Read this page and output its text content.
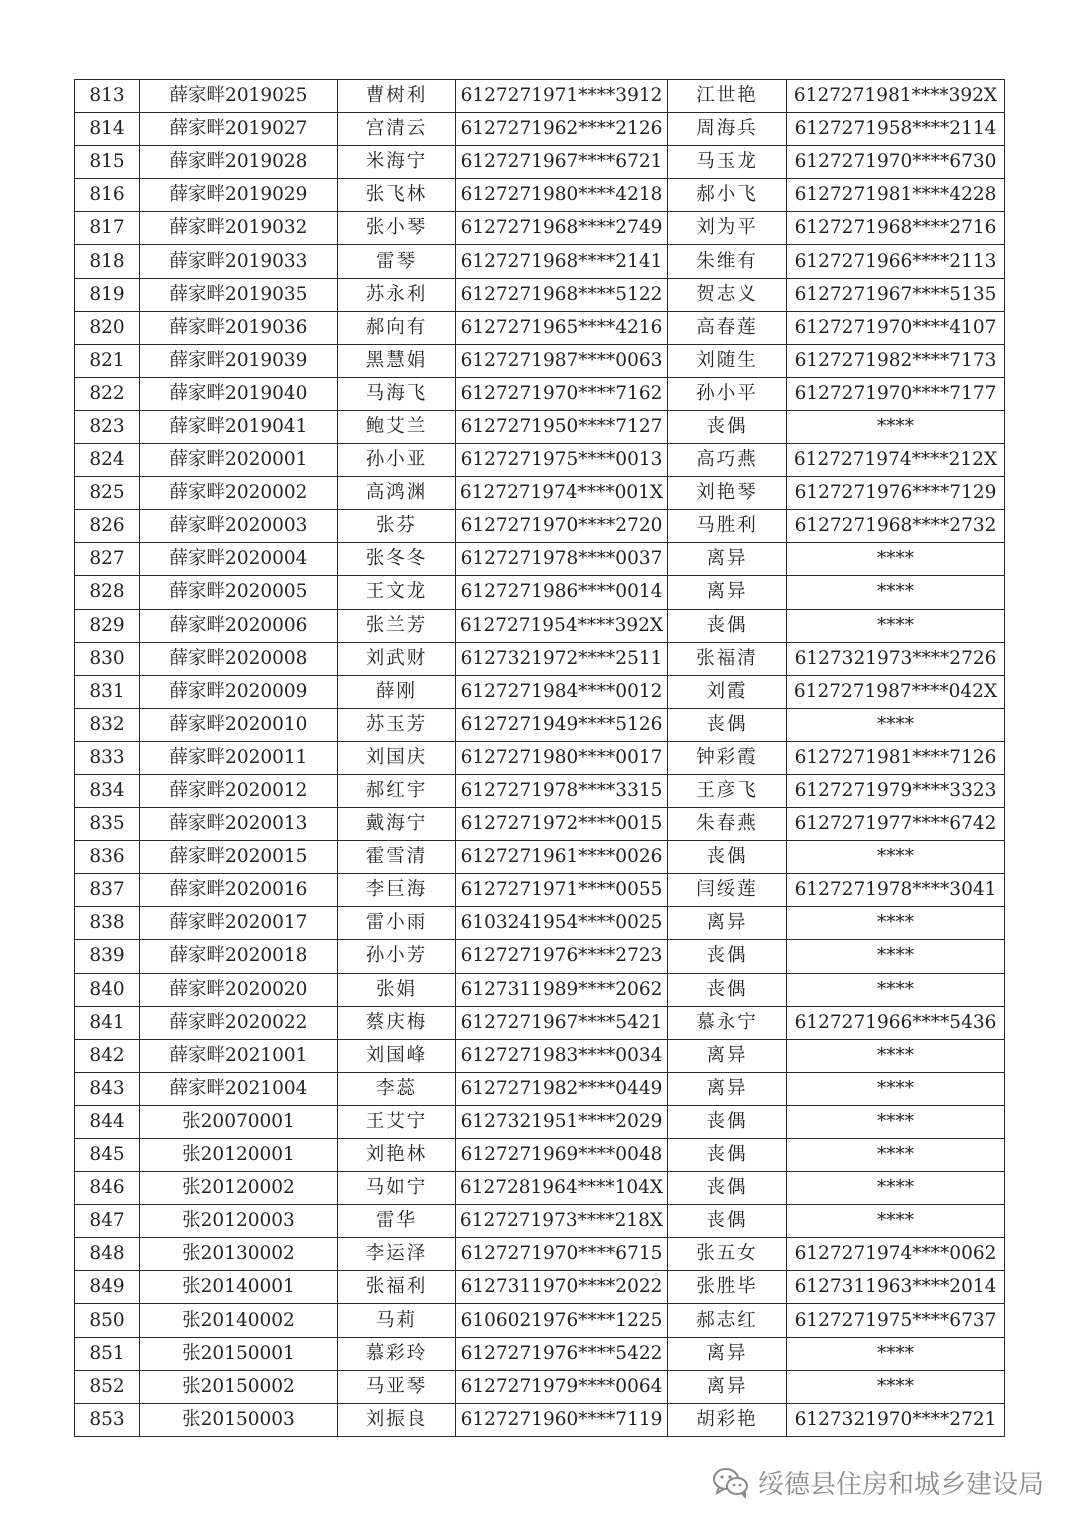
813	薛家畔2019025	曹树利	6127271971****3912	江世艳	6127271981****392X
814	薛家畔2019027	宫清云	6127271962****2126	周海兵	6127271958****2114
815	薛家畔2019028	米海宁	6127271967****6721	马玉龙	6127271970****6730
816	薛家畔2019029	张飞林	6127271980****4218	郝小飞	6127271981****4228
817	薛家畔2019032	张小琴	6127271968****2749	刘为平	6127271968****2716
818	薛家畔2019033	雷琴	6127271968****2141	朱维有	6127271966****2113
819	薛家畔2019035	苏永利	6127271968****5122	贺志义	6127271967****5135
820	薛家畔2019036	郝向有	6127271965****4216	高春莲	6127271970****4107
821	薛家畔2019039	黑慧娟	6127271987****0063	刘随生	6127271982****7173
822	薛家畔2019040	马海飞	6127271970****7162	孙小平	6127271970****7177
823	薛家畔2019041	鲍艾兰	6127271950****7127	丧偶	****
824	薛家畔2020001	孙小亚	6127271975****0013	高巧燕	6127271974****212X
825	薛家畔2020002	高鸿渊	6127271974****001X	刘艳琴	6127271976****7129
826	薛家畔2020003	张芬	6127271970****2720	马胜利	6127271968****2732
827	薛家畔2020004	张冬冬	6127271978****0037	离异	****
828	薛家畔2020005	王文龙	6127271986****0014	离异	****
829	薛家畔2020006	张兰芳	6127271954****392X	丧偶	****
830	薛家畔2020008	刘武财	6127321972****2511	张福清	6127321973****2726
831	薛家畔2020009	薛刚	6127271984****0012	刘霞	6127271987****042X
832	薛家畔2020010	苏玉芳	6127271949****5126	丧偶	****
833	薛家畔2020011	刘国庆	6127271980****0017	钟彩霞	6127271981****7126
834	薛家畔2020012	郝红宇	6127271978****3315	王彦飞	6127271979****3323
835	薛家畔2020013	戴海宁	6127271972****0015	朱春燕	6127271977****6742
836	薛家畔2020015	霍雪清	6127271961****0026	丧偶	****
837	薛家畔2020016	李巨海	6127271971****0055	闫绥莲	6127271978****3041
838	薛家畔2020017	雷小雨	6103241954****0025	离异	****
839	薛家畔2020018	孙小芳	6127271976****2723	丧偶	****
840	薛家畔2020020	张娟	6127311989****2062	丧偶	****
841	薛家畔2020022	蔡庆梅	6127271967****5421	慕永宁	6127271966****5436
842	薛家畔2021001	刘国峰	6127271983****0034	离异	****
843	薛家畔2021004	李蕊	6127271982****0449	离异	****
844	张20070001	王艾宁	6127321951****2029	丧偶	****
845	张20120001	刘艳林	6127271969****0048	丧偶	****
846	张20120002	马如宁	6127281964****104X	丧偶	****
847	张20120003	雷华	6127271973****218X	丧偶	****
848	张20130002	李运泽	6127271970****6715	张五女	6127271974****0062
849	张20140001	张福利	6127311970****2022	张胜毕	6127311963****2014
850	张20140002	马莉	6106021976****1225	郝志红	6127271975****6737
851	张20150001	慕彩玲	6127271976****5422	离异	****
852	张20150002	马亚琴	6127271979****0064	离异	****
853	张20150003	刘振良	6127271960****7119	胡彩艳	6127321970****2721
绥德县住房和城乡建设局
